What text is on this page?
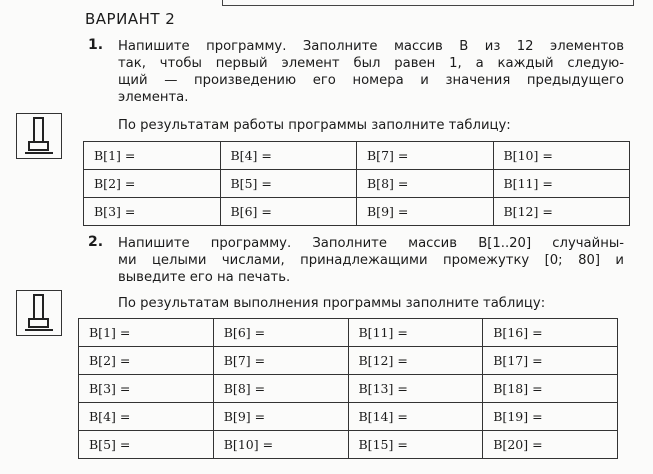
ВАРИАНТ 2
1. Напишите программу. Заполните массив B из 12 элементов
так, чтобы первый элемент был равен 1, а каждый следую-
щий — произведению его номера и значения предыдущего
элемента.
По результатам работы программы заполните таблицу:
B[1] =	B[4] =	B[7] =	B[10] =
B[2] =	B[5] =	B[8] =	B[11] =
B[3] =	B[6] =	B[9] =	B[12] =
2. Напишите программу. Заполните массив B[1..20] случайны-
ми целыми числами, принадлежащими промежутку [0; 80] и
выведите его на печать.
По результатам выполнения программы заполните таблицу:
B[1] =	B[6] =	B[11] =	B[16] =
B[2] =	B[7] =	B[12] =	B[17] =
B[3] =	B[8] =	B[13] =	B[18] =
B[4] =	B[9] =	B[14] =	B[19] =
B[5] =	B[10] =	B[15] =	B[20] =
